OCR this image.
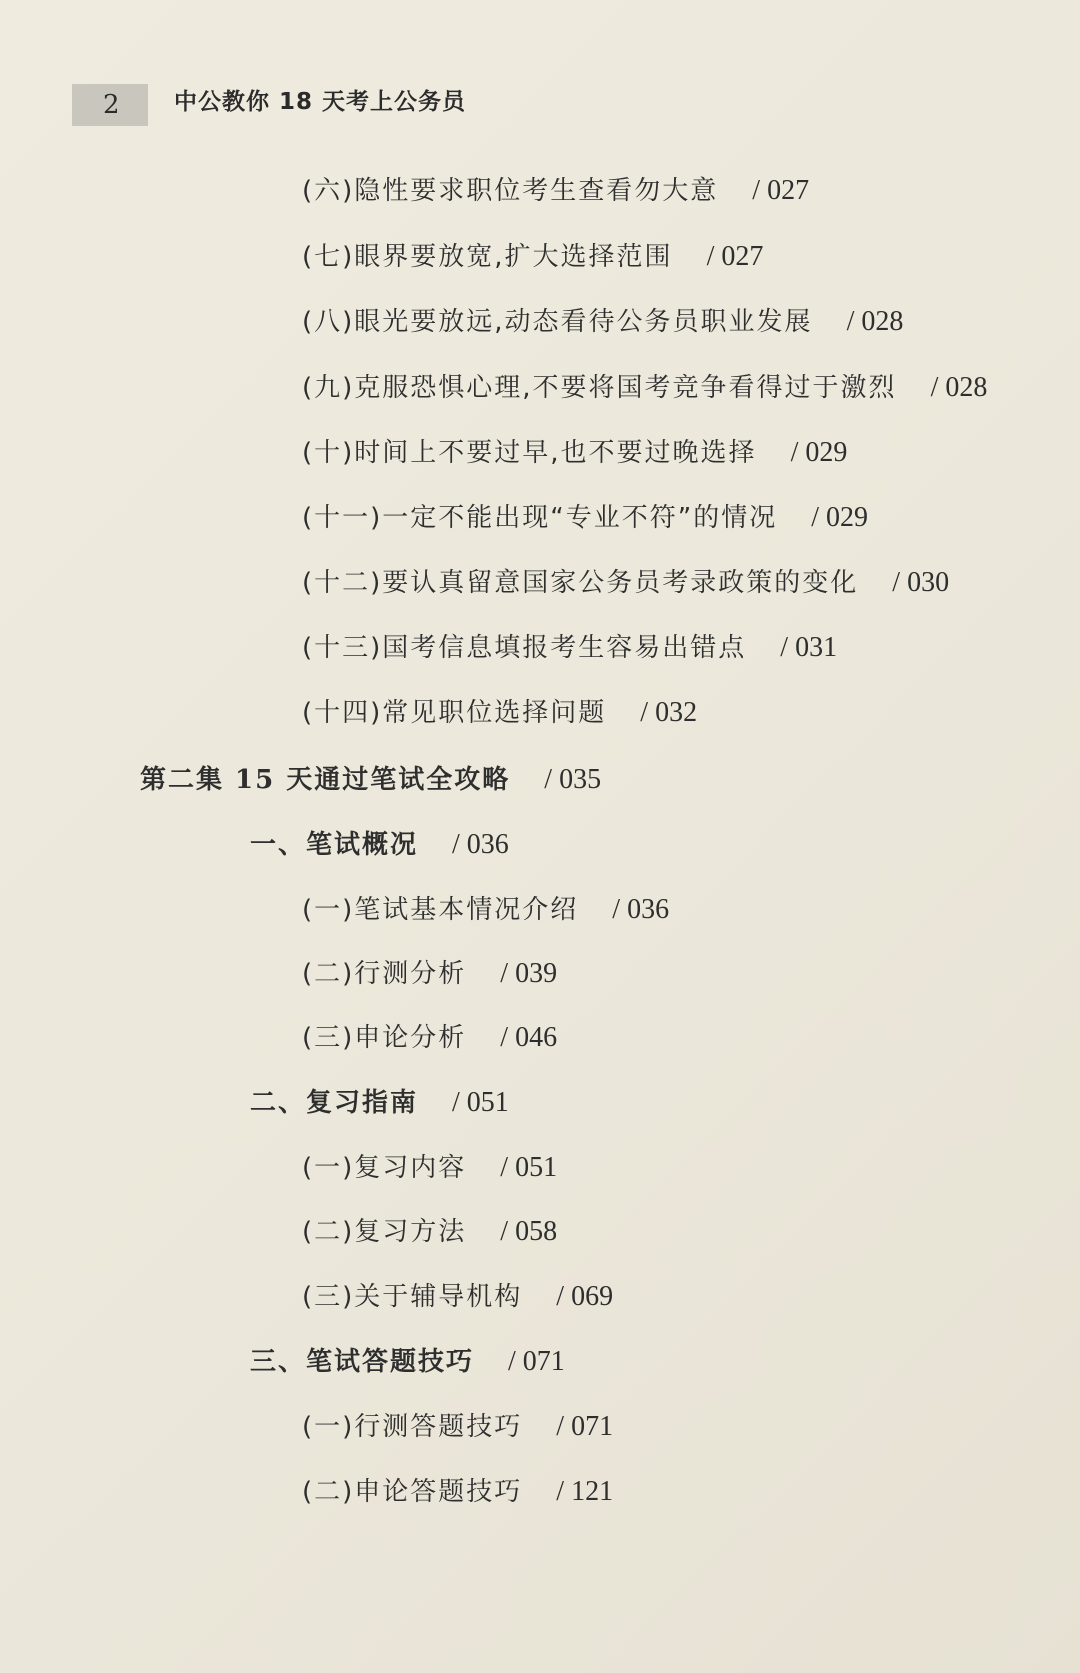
2 中公教你 18 天考上公务员
(六)隐性要求职位考生查看勿大意 / 027
(七)眼界要放宽,扩大选择范围 / 027
(八)眼光要放远,动态看待公务员职业发展 / 028
(九)克服恐惧心理,不要将国考竞争看得过于激烈 / 028
(十)时间上不要过早,也不要过晚选择 / 029
(十一)一定不能出现“专业不符”的情况 / 029
(十二)要认真留意国家公务员考录政策的变化 / 030
(十三)国考信息填报考生容易出错点 / 031
(十四)常见职位选择问题 / 032
第二集 15 天通过笔试全攻略 / 035
一、笔试概况 / 036
(一)笔试基本情况介绍 / 036
(二)行测分析 / 039
(三)申论分析 / 046
二、复习指南 / 051
(一)复习内容 / 051
(二)复习方法 / 058
(三)关于辅导机构 / 069
三、笔试答题技巧 / 071
(一)行测答题技巧 / 071
(二)申论答题技巧 / 121
